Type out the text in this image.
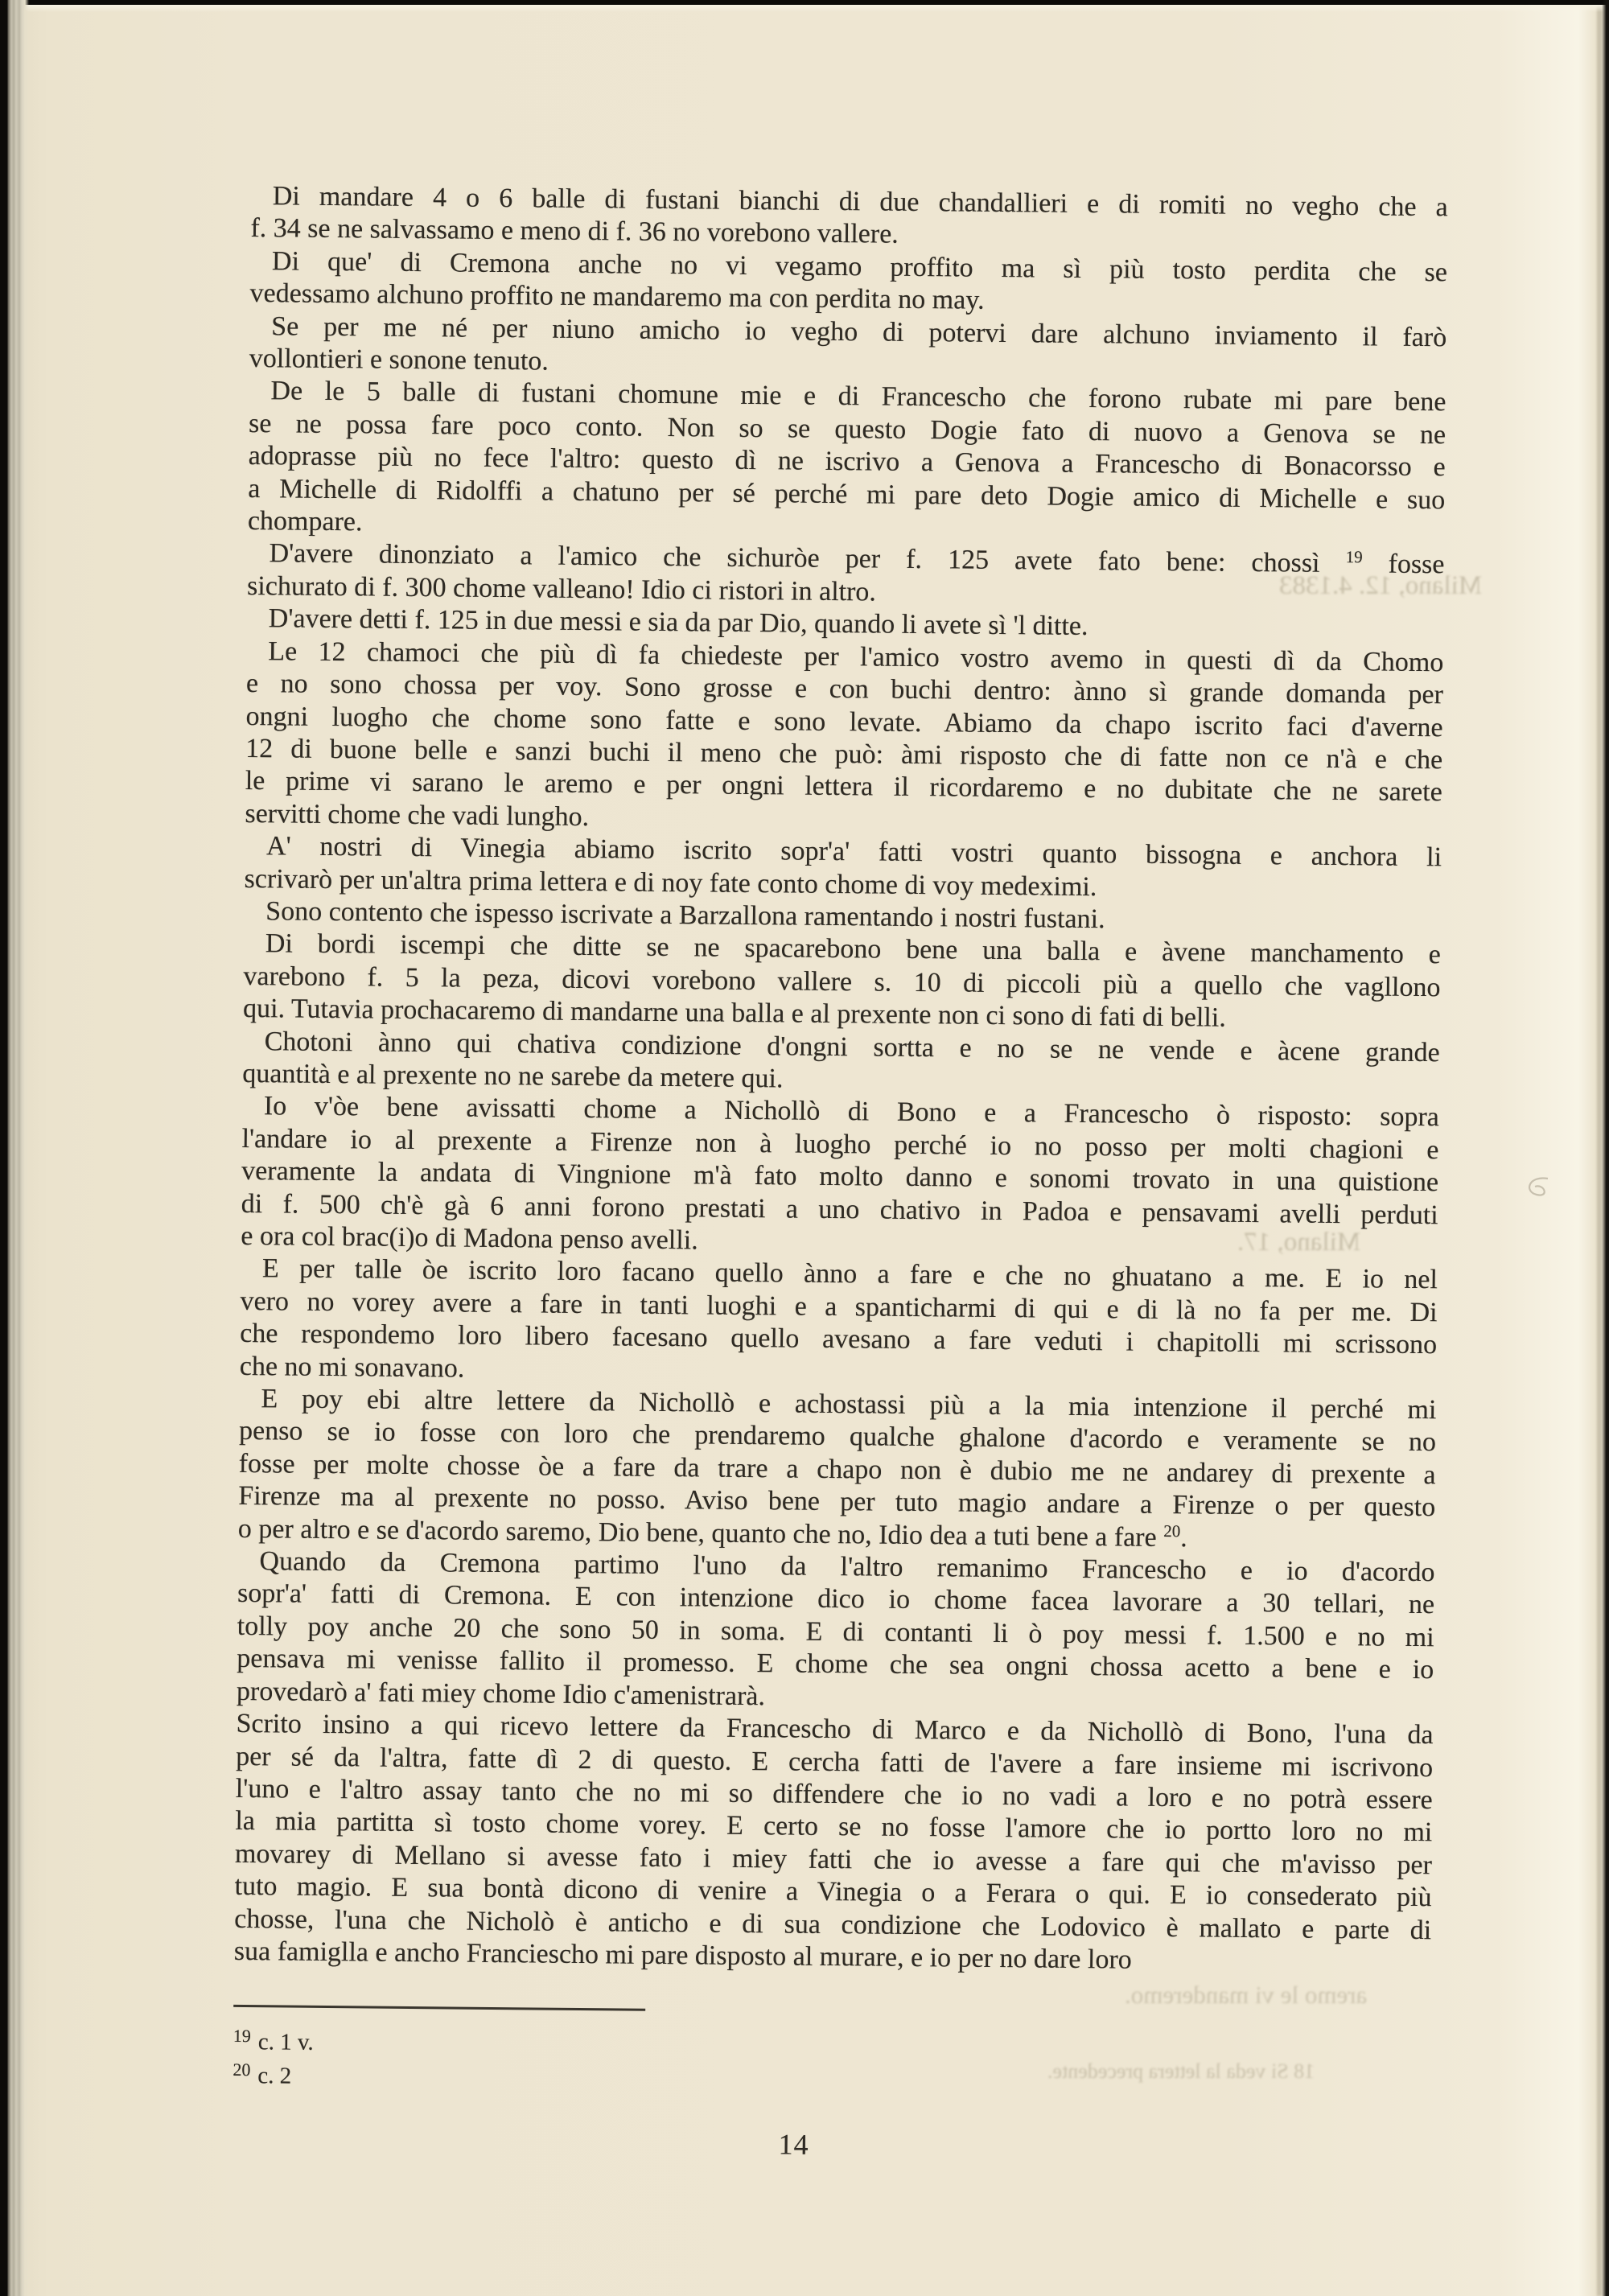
Milano, 12. 4.1383
Milano, 17.
aremo le vi manderemo.
18 Si veda la lettera precedente.
Di mandare 4 o 6 balle di fustani bianchi di due chandallieri e di romiti no vegho che a
f. 34 se ne salvassamo e meno di f. 36 no vorebono vallere.
Di que' di Cremona anche no vi vegamo proffito ma sì più tosto perdita che se
vedessamo alchuno proffito ne mandaremo ma con perdita no may.
Se per me né per niuno amicho io vegho di potervi dare alchuno inviamento il farò
vollontieri e sonone tenuto.
De le 5 balle di fustani chomune mie e di Francescho che forono rubate mi pare bene
se ne possa fare poco conto. Non so se questo Dogie fato di nuovo a Genova se ne
adoprasse più no fece l'altro: questo dì ne iscrivo a Genova a Francescho di Bonacorsso e
a Michelle di Ridolffi a chatuno per sé perché mi pare deto Dogie amico di Michelle e suo
chompare.
D'avere dinonziato a l'amico che sichuròe per f. 125 avete fato bene: chossì $^{19}$ fosse
sichurato di f. 300 chome valleano! Idio ci ristori in altro.
D'avere detti f. 125 in due messi e sia da par Dio, quando li avete sì 'l ditte.
Le 12 chamoci che più dì fa chiedeste per l'amico vostro avemo in questi dì da Chomo
e no sono chossa per voy. Sono grosse e con buchi dentro: ànno sì grande domanda per
ongni luogho che chome sono fatte e sono levate. Abiamo da chapo iscrito faci d'averne
12 di buone belle e sanzi buchi il meno che può: àmi risposto che di fatte non ce n'à e che
le prime vi sarano le aremo e per ongni lettera il ricordaremo e no dubitate che ne sarete
servitti chome che vadi lungho.
A' nostri di Vinegia abiamo iscrito sopr'a' fatti vostri quanto bissogna e anchora li
scrivarò per un'altra prima lettera e di noy fate conto chome di voy medeximi.
Sono contento che ispesso iscrivate a Barzallona ramentando i nostri fustani.
Di bordi iscempi che ditte se ne spacarebono bene una balla e àvene manchamento e
varebono f. 5 la peza, dicovi vorebono vallere s. 10 di piccoli più a quello che vagllono
qui. Tutavia prochacaremo di mandarne una balla e al prexente non ci sono di fati di belli.
Chotoni ànno qui chativa condizione d'ongni sortta e no se ne vende e àcene grande
quantità e al prexente no ne sarebe da metere qui.
Io v'òe bene avissatti chome a Nichollò di Bono e a Francescho ò risposto: sopra
l'andare io al prexente a Firenze non à luogho perché io no posso per molti chagioni e
veramente la andata di Vingnione m'à fato molto danno e sonomi trovato in una quistione
di f. 500 ch'è gà 6 anni forono prestati a uno chativo in Padoa e pensavami avelli perduti
e ora col brac(i)o di Madona penso avelli.
E per talle òe iscrito loro facano quello ànno a fare e che no ghuatano a me. E io nel
vero no vorey avere a fare in tanti luoghi e a spanticharmi di qui e di là no fa per me. Di
che respondemo loro libero facesano quello avesano a fare veduti i chapitolli mi scrissono
che no mi sonavano.
E poy ebi altre lettere da Nichollò e achostassi più a la mia intenzione il perché mi
penso se io fosse con loro che prendaremo qualche ghalone d'acordo e veramente se no
fosse per molte chosse òe a fare da trare a chapo non è dubio me ne andarey di prexente a
Firenze ma al prexente no posso. Aviso bene per tuto magio andare a Firenze o per questo
o per altro e se d'acordo saremo, Dio bene, quanto che no, Idio dea a tuti bene a fare $^{20}$.
Quando da Cremona partimo l'uno da l'altro remanimo Francescho e io d'acordo
sopr'a' fatti di Cremona. E con intenzione dico io chome facea lavorare a 30 tellari, ne
tolly poy anche 20 che sono 50 in soma. E di contanti li ò poy messi f. 1.500 e no mi
pensava mi venisse fallito il promesso. E chome che sea ongni chossa acetto a bene e io
provedarò a' fati miey chome Idio c'amenistrarà.
Scrito insino a qui ricevo lettere da Francescho di Marco e da Nichollò di Bono, l'una da
per sé da l'altra, fatte dì 2 di questo. E cercha fatti de l'avere a fare insieme mi iscrivono
l'uno e l'altro assay tanto che no mi so diffendere che io no vadi a loro e no potrà essere
la mia partitta sì tosto chome vorey. E certo se no fosse l'amore che io portto loro no mi
movarey di Mellano si avesse fato i miey fatti che io avesse a fare qui che m'avisso per
tuto magio. E sua bontà dicono di venire a Vinegia o a Ferara o qui. E io consederato più
chosse, l'una che Nicholò è anticho e di sua condizione che Lodovico è mallato e parte di
sua famiglla e ancho Franciescho mi pare disposto al murare, e io per no dare loro
$^{19}$ c. 1 v.
$^{20}$ c. 2
14
